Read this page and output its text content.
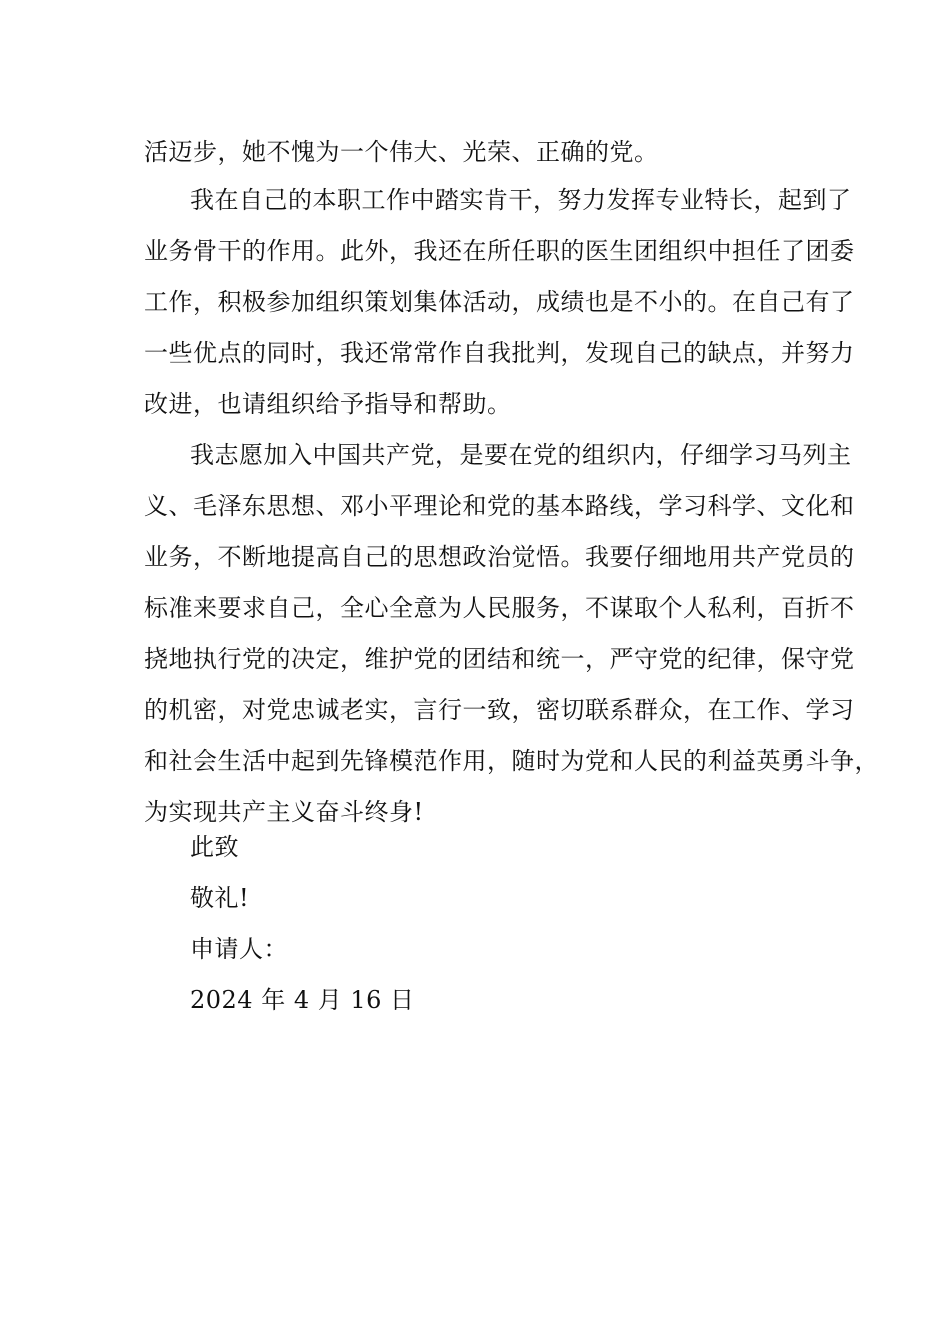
活迈步，她不愧为一个伟大、光荣、正确的党。
我在自己的本职工作中踏实肯干，努力发挥专业特长，起到了
业务骨干的作用。此外，我还在所任职的医生团组织中担任了团委
工作，积极参加组织策划集体活动，成绩也是不小的。在自己有了
一些优点的同时，我还常常作自我批判，发现自己的缺点，并努力
改进，也请组织给予指导和帮助。
我志愿加入中国共产党，是要在党的组织内，仔细学习马列主
义、毛泽东思想、邓小平理论和党的基本路线，学习科学、文化和
业务，不断地提高自己的思想政治觉悟。我要仔细地用共产党员的
标准来要求自己，全心全意为人民服务，不谋取个人私利，百折不
挠地执行党的决定，维护党的团结和统一，严守党的纪律，保守党
的机密，对党忠诚老实，言行一致，密切联系群众，在工作、学习
和社会生活中起到先锋模范作用，随时为党和人民的利益英勇斗争，
为实现共产主义奋斗终身!
此致
敬礼!
申请人：
2024 年 4 月 16 日
